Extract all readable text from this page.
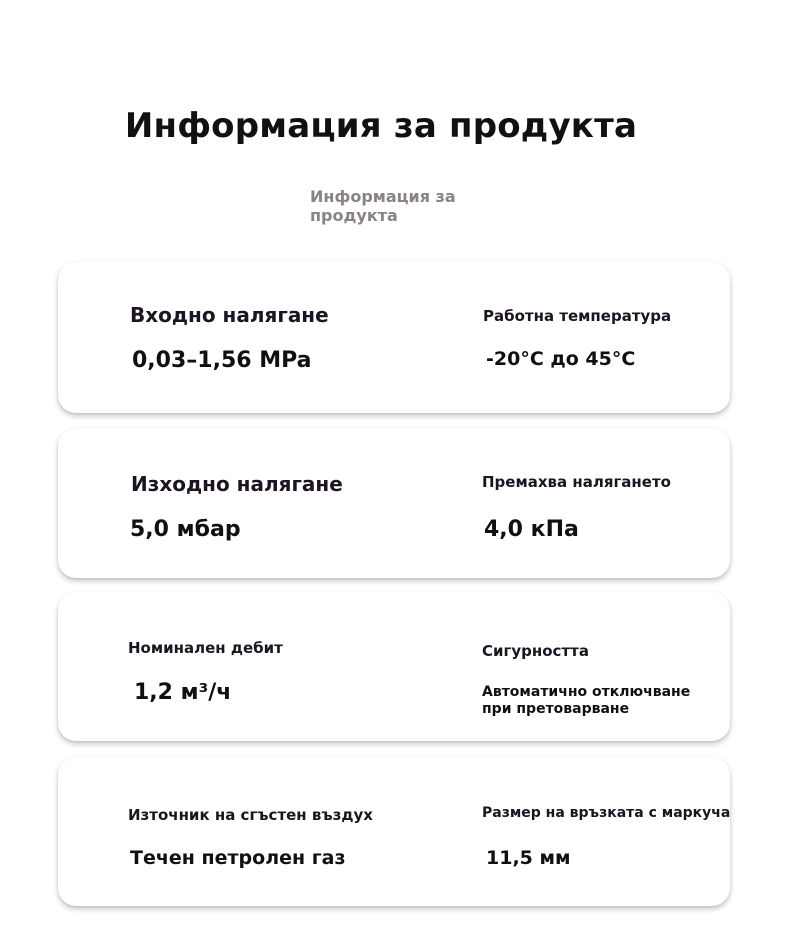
Информация за продукта
Информация за продукта
Входно налягане
0,03–1,56 MPa
Работна температура
-20°C до 45°C
Изходно налягане
5,0 мбар
Премахва налягането
4,0 кПа
Номинален дебит
1,2 м³/ч
Сигурността
Автоматично отключване при претоварване
Източник на сгъстен въздух
Течен петролен газ
Размер на връзката с маркуча
11,5 мм
